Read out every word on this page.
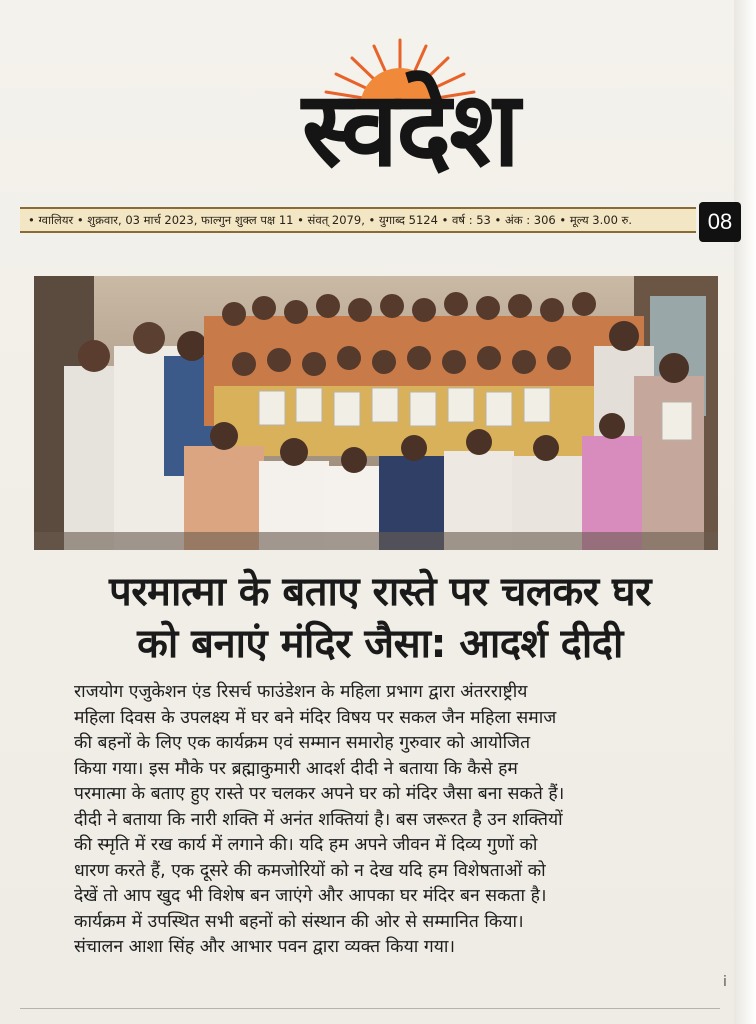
स्वदेश
• ग्वालियर • शुक्रवार, 03 मार्च 2023, फाल्गुन शुक्ल पक्ष 11 • संवत् 2079, • युगाब्द 5124 • वर्ष : 53 • अंक : 306 • मूल्य 3.00 रु.	08
परमात्मा के बताए रास्ते पर चलकर घर
को बनाएं मंदिर जैसा: आदर्श दीदी
राजयोग एजुकेशन एंड रिसर्च फाउंडेशन के महिला प्रभाग द्वारा अंतरराष्ट्रीय
महिला दिवस के उपलक्ष्य में घर बने मंदिर विषय पर सकल जैन महिला समाज
की बहनों के लिए एक कार्यक्रम एवं सम्मान समारोह गुरुवार को आयोजित
किया गया। इस मौके पर ब्रह्माकुमारी आदर्श दीदी ने बताया कि कैसे हम
परमात्मा के बताए हुए रास्ते पर चलकर अपने घर को मंदिर जैसा बना सकते हैं।
दीदी ने बताया कि नारी शक्ति में अनंत शक्तियां है। बस जरूरत है उन शक्तियों
की स्मृति में रख कार्य में लगाने की। यदि हम अपने जीवन में दिव्य गुणों को
धारण करते हैं, एक दूसरे की कमजोरियों को न देख यदि हम विशेषताओं को
देखें तो आप खुद भी विशेष बन जाएंगे और आपका घर मंदिर बन सकता है।
कार्यक्रम में उपस्थित सभी बहनों को संस्थान की ओर से सम्मानित किया।
संचालन आशा सिंह और आभार पवन द्वारा व्यक्त किया गया।
i
